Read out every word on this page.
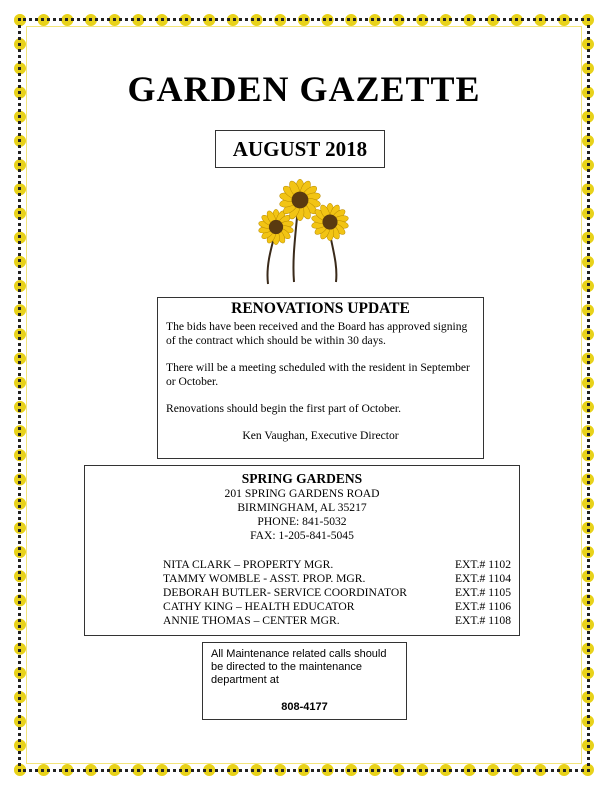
GARDEN GAZETTE
AUGUST 2018
RENOVATIONS UPDATE

The bids have been received and the Board has approved signing of the contract which should be within 30 days.

There will be a meeting scheduled with the resident in September or October.

Renovations should begin the first part of October.

Ken Vaughan, Executive Director

SPRING GARDENS
201 SPRING GARDENS ROAD
BIRMINGHAM, AL 35217
PHONE: 841-5032
FAX: 1-205-841-5045
NITA CLARK – PROPERTY MGR.	EXT.# 1102
TAMMY WOMBLE - ASST. PROP. MGR.	EXT.# 1104
DEBORAH BUTLER- SERVICE COORDINATOR	EXT.# 1105
CATHY KING – HEALTH EDUCATOR	EXT.# 1106
ANNIE THOMAS – CENTER MGR.	EXT.# 1108
All Maintenance related calls should be directed to the maintenance department at
808-4177
